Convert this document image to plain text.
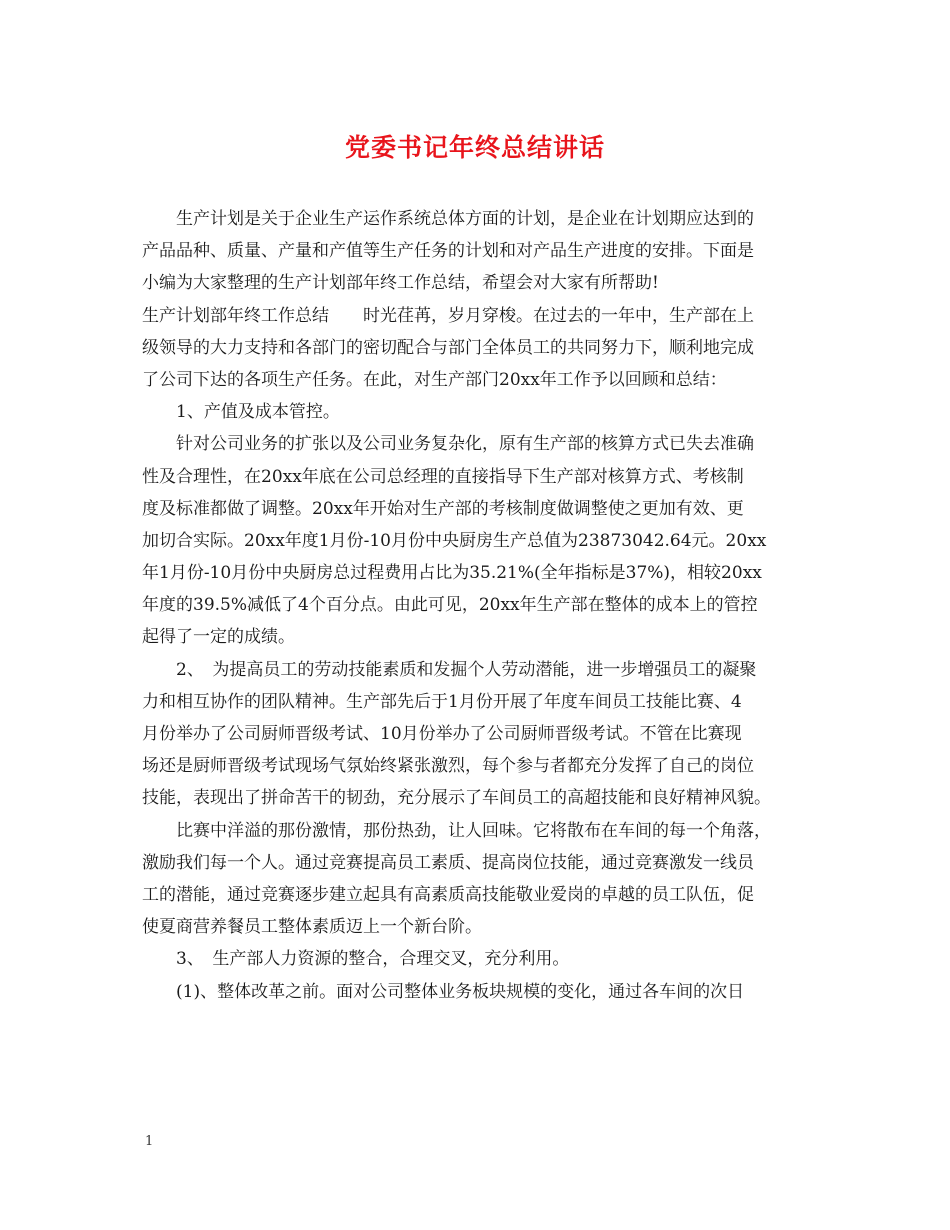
党委书记年终总结讲话
生产计划是关于企业生产运作系统总体方面的计划，是企业在计划期应达到的
产品品种、质量、产量和产值等生产任务的计划和对产品生产进度的安排。下面是
小编为大家整理的生产计划部年终工作总结，希望会对大家有所帮助!
生产计划部年终工作总结　　时光荏苒，岁月穿梭。在过去的一年中，生产部在上
级领导的大力支持和各部门的密切配合与部门全体员工的共同努力下，顺利地完成
了公司下达的各项生产任务。在此，对生产部门20xx年工作予以回顾和总结：
1、产值及成本管控。
针对公司业务的扩张以及公司业务复杂化，原有生产部的核算方式已失去准确
性及合理性，在20xx年底在公司总经理的直接指导下生产部对核算方式、考核制
度及标准都做了调整。20xx年开始对生产部的考核制度做调整使之更加有效、更
加切合实际。20xx年度1月份-10月份中央厨房生产总值为23873042.64元。20xx
年1月份-10月份中央厨房总过程费用占比为35.21%(全年指标是37%)，相较20xx
年度的39.5%减低了4个百分点。由此可见，20xx年生产部在整体的成本上的管控
起得了一定的成绩。
2、　为提高员工的劳动技能素质和发掘个人劳动潜能，进一步增强员工的凝聚
力和相互协作的团队精神。生产部先后于1月份开展了年度车间员工技能比赛、4
月份举办了公司厨师晋级考试、10月份举办了公司厨师晋级考试。不管在比赛现
场还是厨师晋级考试现场气氛始终紧张激烈，每个参与者都充分发挥了自己的岗位
技能，表现出了拼命苦干的韧劲，充分展示了车间员工的高超技能和良好精神风貌。
比赛中洋溢的那份激情，那份热劲，让人回味。它将散布在车间的每一个角落，
激励我们每一个人。通过竞赛提高员工素质、提高岗位技能，通过竞赛激发一线员
工的潜能，通过竞赛逐步建立起具有高素质高技能敬业爱岗的卓越的员工队伍，促
使夏商营养餐员工整体素质迈上一个新台阶。
3、　生产部人力资源的整合，合理交叉，充分利用。
(1)、整体改革之前。面对公司整体业务板块规模的变化，通过各车间的次日
1
